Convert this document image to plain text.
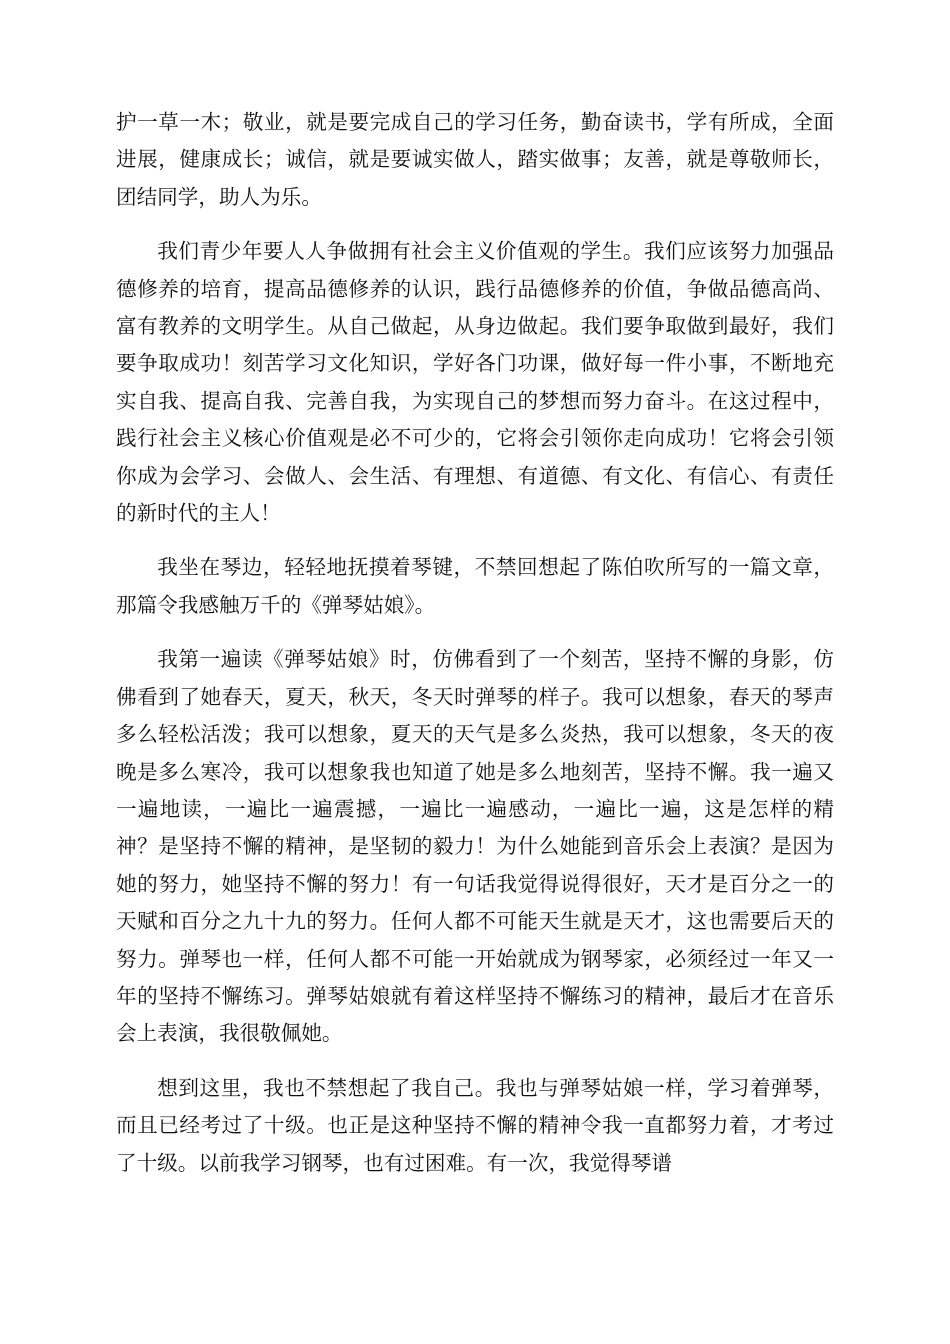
护一草一木；敬业，就是要完成自己的学习任务，勤奋读书，学有所成，全面进展，健康成长；诚信，就是要诚实做人，踏实做事；友善，就是尊敬师长，团结同学，助人为乐。

我们青少年要人人争做拥有社会主义价值观的学生。我们应该努力加强品德修养的培育，提高品德修养的认识，践行品德修养的价值，争做品德高尚、富有教养的文明学生。从自己做起，从身边做起。我们要争取做到最好，我们要争取成功！刻苦学习文化知识，学好各门功课，做好每一件小事，不断地充实自我、提高自我、完善自我，为实现自己的梦想而努力奋斗。在这过程中，践行社会主义核心价值观是必不可少的，它将会引领你走向成功！它将会引领你成为会学习、会做人、会生活、有理想、有道德、有文化、有信心、有责任的新时代的主人！

我坐在琴边，轻轻地抚摸着琴键，不禁回想起了陈伯吹所写的一篇文章，那篇令我感触万千的《弹琴姑娘》。

我第一遍读《弹琴姑娘》时，仿佛看到了一个刻苦，坚持不懈的身影，仿佛看到了她春天，夏天，秋天，冬天时弹琴的样子。我可以想象，春天的琴声多么轻松活泼；我可以想象，夏天的天气是多么炎热，我可以想象，冬天的夜晚是多么寒冷，我可以想象我也知道了她是多么地刻苦，坚持不懈。我一遍又一遍地读，一遍比一遍震撼，一遍比一遍感动，一遍比一遍，这是怎样的精神？是坚持不懈的精神，是坚韧的毅力！为什么她能到音乐会上表演？是因为她的努力，她坚持不懈的努力！有一句话我觉得说得很好，天才是百分之一的天赋和百分之九十九的努力。任何人都不可能天生就是天才，这也需要后天的努力。弹琴也一样，任何人都不可能一开始就成为钢琴家，必须经过一年又一年的坚持不懈练习。弹琴姑娘就有着这样坚持不懈练习的精神，最后才在音乐会上表演，我很敬佩她。

想到这里，我也不禁想起了我自己。我也与弹琴姑娘一样，学习着弹琴，而且已经考过了十级。也正是这种坚持不懈的精神令我一直都努力着，才考过了十级。以前我学习钢琴，也有过困难。有一次，我觉得琴谱
